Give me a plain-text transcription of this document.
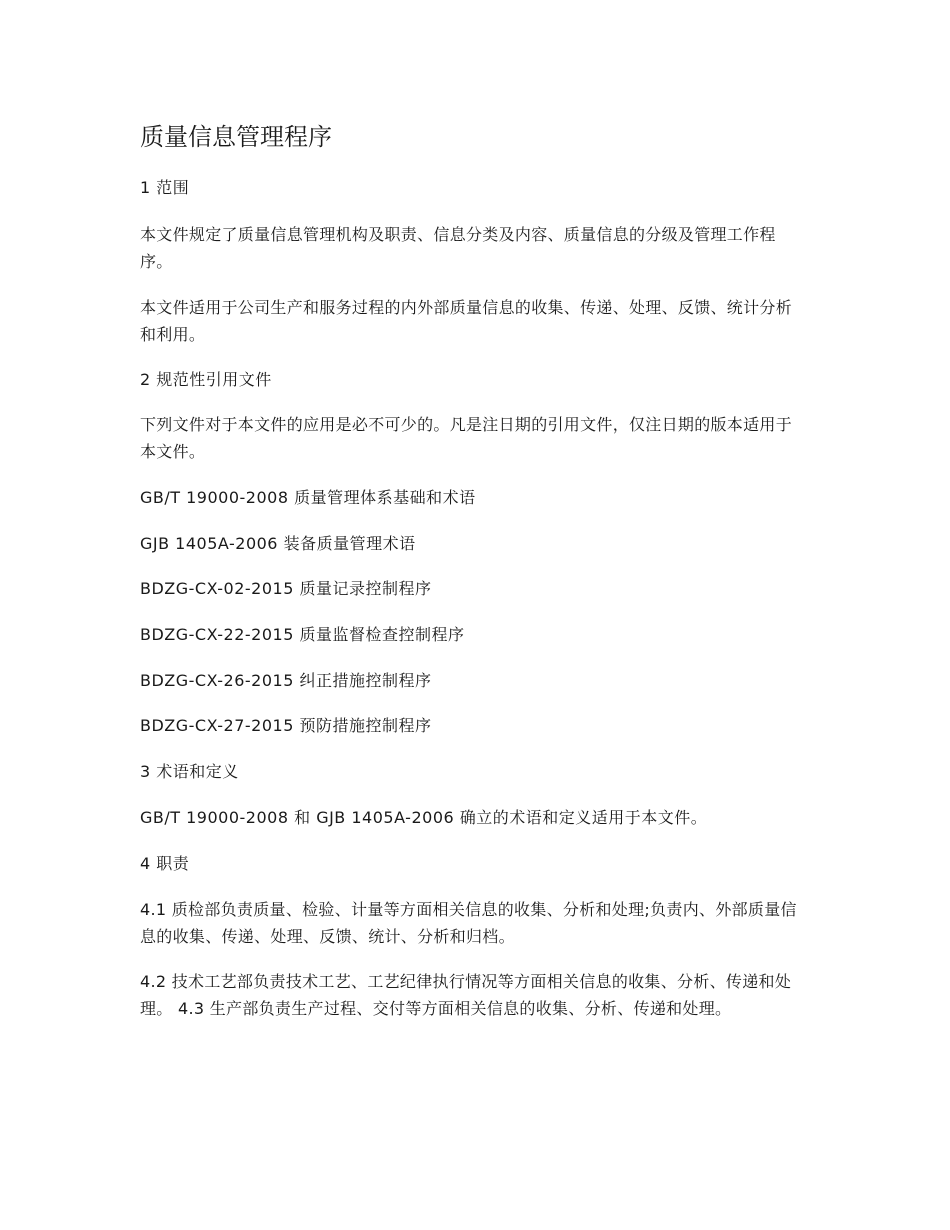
质量信息管理程序

1 范围

本文件规定了质量信息管理机构及职责、信息分类及内容、质量信息的分级及管理工作程序。

本文件适用于公司生产和服务过程的内外部质量信息的收集、传递、处理、反馈、统计分析和利用。

2 规范性引用文件

下列文件对于本文件的应用是必不可少的。凡是注日期的引用文件，仅注日期的版本适用于本文件。

GB/T 19000-2008 质量管理体系基础和术语

GJB 1405A-2006 装备质量管理术语

BDZG-CX-02-2015 质量记录控制程序

BDZG-CX-22-2015 质量监督检查控制程序

BDZG-CX-26-2015 纠正措施控制程序

BDZG-CX-27-2015 预防措施控制程序

3 术语和定义

GB/T 19000-2008 和 GJB 1405A-2006 确立的术语和定义适用于本文件。

4 职责

4.1 质检部负责质量、检验、计量等方面相关信息的收集、分析和处理;负责内、外部质量信息的收集、传递、处理、反馈、统计、分析和归档。

4.2 技术工艺部负责技术工艺、工艺纪律执行情况等方面相关信息的收集、分析、传递和处理。 4.3 生产部负责生产过程、交付等方面相关信息的收集、分析、传递和处理。
